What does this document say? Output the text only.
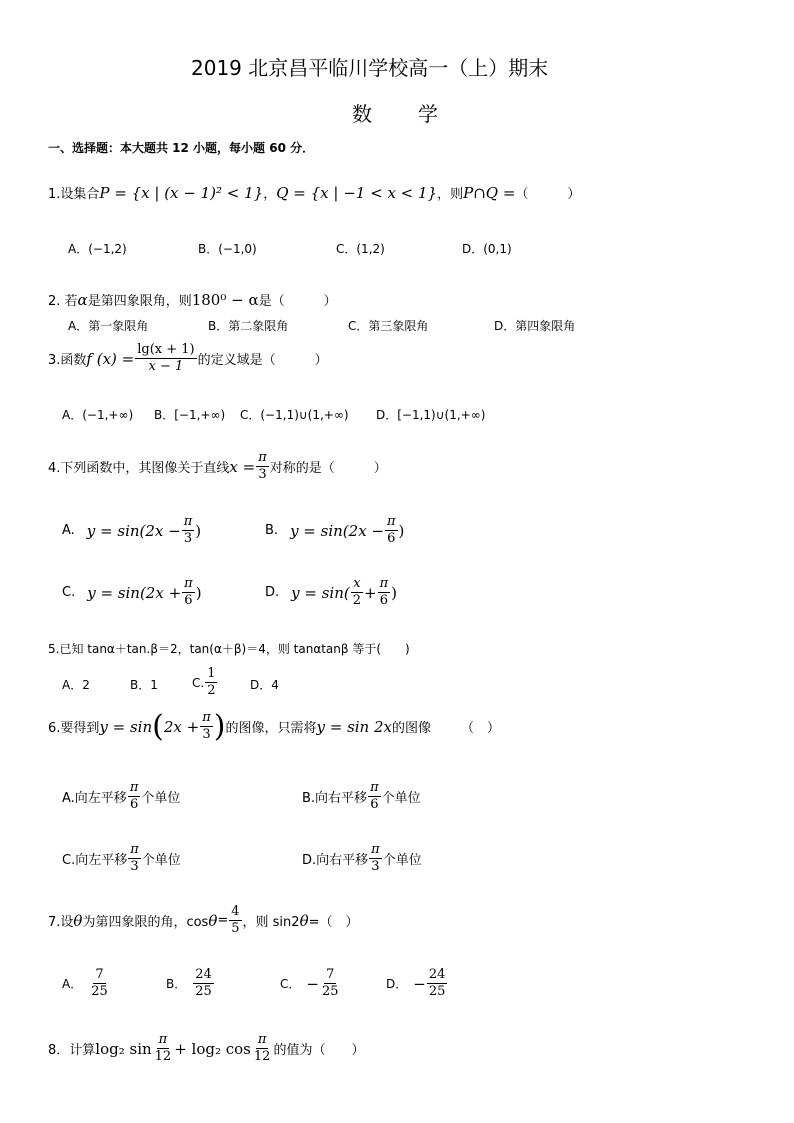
2019 北京昌平临川学校高一（上）期末
数　　学
一、选择题：本大题共 12 小题，每小题 60 分．
1.设集合 P = {x | (x − 1)² < 1} ， Q = {x | −1 < x < 1} ，则 P∩Q = （　　　）
A．(−1,2)	B．(−1,0)	C．(1,2)	D．(0,1)
2. 若α是第四象限角，则180⁰ − α是（　　　）
A．第一象限角	B．第二象限角	C．第三象限角	D．第四象限角
3.函数 f $(x) = \frac{\lg(x + 1)}{x - 1}$ 的定义域是（　　　）
A．(−1,+∞) B．[−1,+∞) C．(−1,1)∪(1,+∞) D．[−1,1)∪(1,+∞)
4.下列函数中，其图像关于直线 $x = \frac{\pi}{3}$ 对称的是（　　　）
A. $y = \sin(2x - \frac{\pi}{3}$ )	B. $y = \sin(2x - \frac{\pi}{6}$ )
C. $y = \sin(2x + \frac{\pi}{6}$ )	D. $y = \sin( \frac{x}{2} + \frac{\pi}{6}$ )
5.已知 tanα＋tan.β＝2，tan(α＋β)＝4，则 tanαtanβ 等于(　　)
A．2	B．1	C. $\frac{1}{2}$	D．4
6.要得到 y = sin ( $2x + \frac{\pi}{3}$ ) 的图像，只需将 y = sin 2x 的图像 （　）
A.向左平移 $\frac{\pi}{6}$ 个单位	B.向右平移 $\frac{\pi}{6}$ 个单位
C.向左平移 $\frac{\pi}{3}$ 个单位	D.向右平移 $\frac{\pi}{3}$ 个单位
7.设 θ 为第四象限的角，$\cos \theta = \frac{4}{5}$ ，则 sin2 θ =（　）
A． $\frac{7}{25}$	B． $\frac{24}{25}$	C． − $\frac{7}{25}$	D． − $\frac{24}{25}$
8．计算 log₂ $\sin \frac{\pi}{12} + \log_2$ $\cos \frac{\pi}{12}$ 的值为（　　）
